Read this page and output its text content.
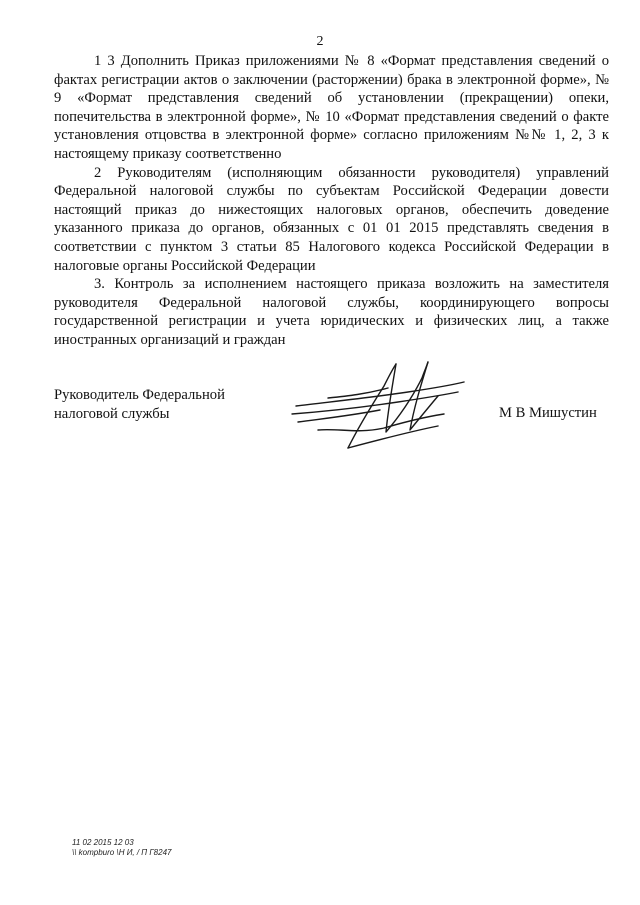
2

1 3 Дополнить Приказ приложениями № 8 «Формат представления сведений о фактах регистрации актов о заключении (расторжении) брака в электронной форме», № 9 «Формат представления сведений об установлении (прекращении) опеки, попечительства в электронной форме», № 10 «Формат представления сведений о факте установления отцовства в электронной форме» согласно приложениям №№ 1, 2, 3 к настоящему приказу соответственно

2 Руководителям (исполняющим обязанности руководителя) управлений Федеральной налоговой службы по субъектам Российской Федерации довести настоящий приказ до нижестоящих налоговых органов, обеспечить доведение указанного приказа до органов, обязанных с 01 01 2015 представлять сведения в соответствии с пунктом 3 статьи 85 Налогового кодекса Российской Федерации в налоговые органы Российской Федерации

3. Контроль за исполнением настоящего приказа возложить на заместителя руководителя Федеральной налоговой службы, координирующего вопросы государственной регистрации и учета юридических и физических лиц, а также иностранных организаций и граждан

Руководитель Федеральной
налоговой службы	М В Мишустин
11 02 2015 12 03
\\ kompburo \Н И, / П Г8247
